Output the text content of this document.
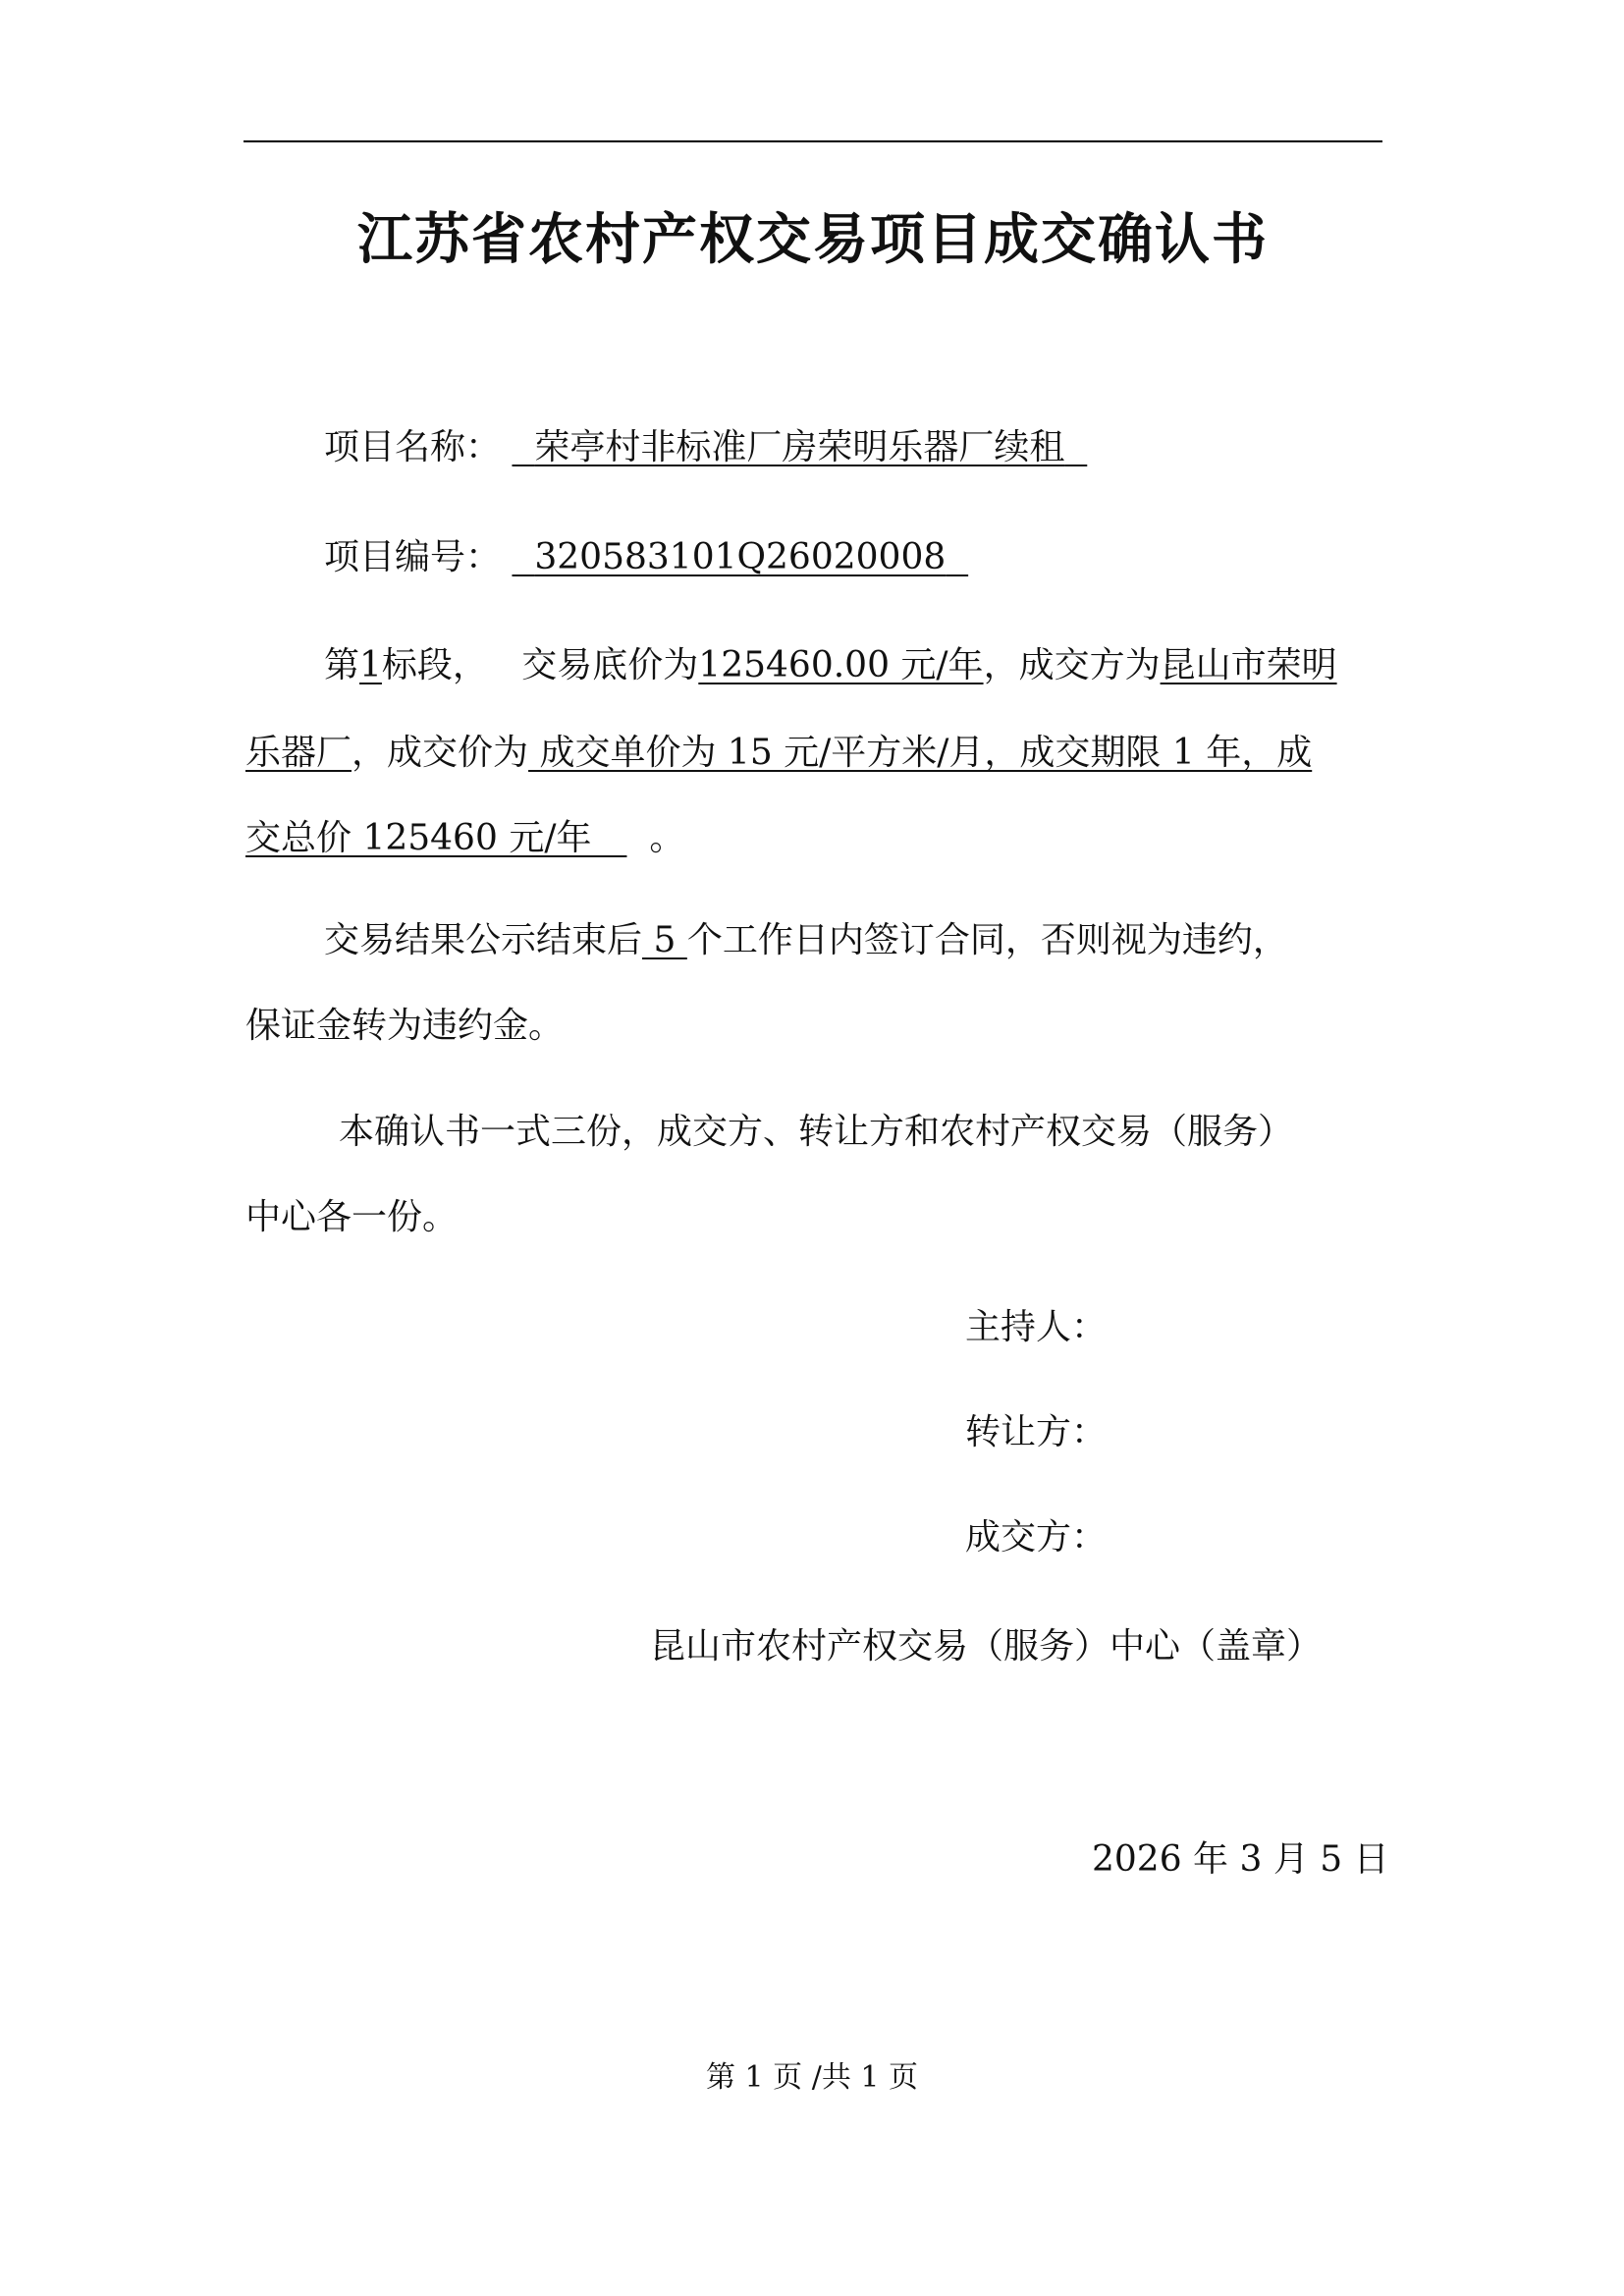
江苏省农村产权交易项目成交确认书
项目名称： 荣亭村非标准厂房荣明乐器厂续租
项目编号： 320583101Q26020008
第1标段， 交易底价为125460.00 元/年，成交方为昆山市荣明
乐器厂，成交价为 成交单价为 15 元/平方米/月，成交期限 1 年，成
交总价 125460 元/年　  。
交易结果公示结束后 5 个工作日内签订合同，否则视为违约，
保证金转为违约金。
本确认书一式三份，成交方、转让方和农村产权交易（服务）
中心各一份。
主持人：
转让方：
成交方：
昆山市农村产权交易（服务）中心（盖章）
2026 年 3 月 5 日
第 1 页 /共 1 页
